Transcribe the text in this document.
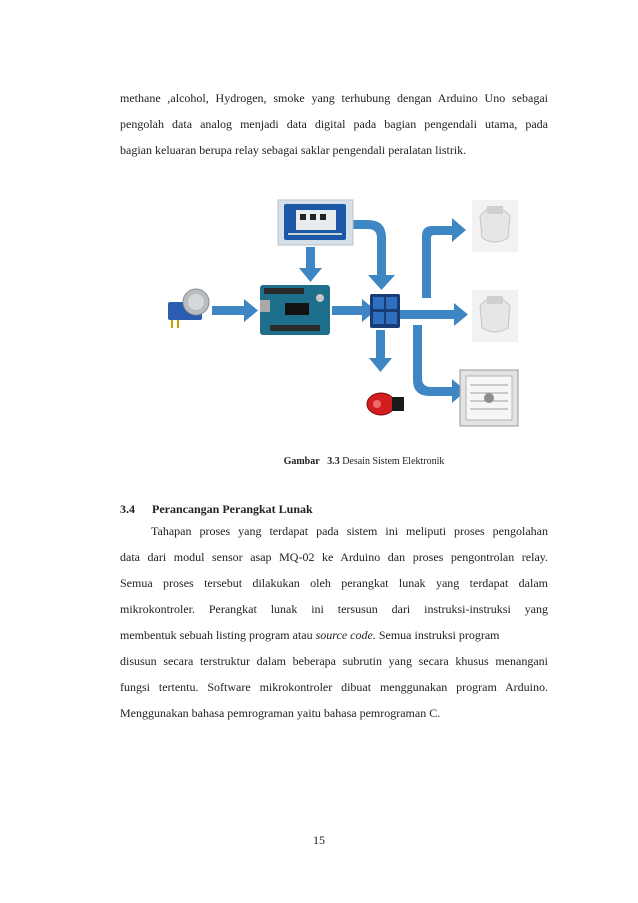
methane ,alcohol, Hydrogen, smoke yang terhubung dengan Arduino Uno sebagai
pengolah data analog menjadi data digital pada bagian pengendali utama, pada
bagian keluaran berupa relay sebagai saklar pengendali peralatan listrik.
Gambar 3.3 Desain Sistem Elektronik
3.4 Perancangan Perangkat Lunak
Tahapan proses yang terdapat pada sistem ini meliputi proses pengolahan
data dari modul sensor asap MQ-02 ke Arduino dan proses pengontrolan relay.
Semua proses tersebut dilakukan oleh perangkat lunak yang terdapat dalam
mikrokontroler. Perangkat lunak ini tersusun dari instruksi-instruksi yang
membentuk sebuah listing program atau source code. Semua instruksi program
disusun secara terstruktur dalam beberapa subrutin yang secara khusus menangani
fungsi tertentu. Software mikrokontroler dibuat menggunakan program Arduino.
Menggunakan bahasa pemrograman yaitu bahasa pemrograman C.
15
